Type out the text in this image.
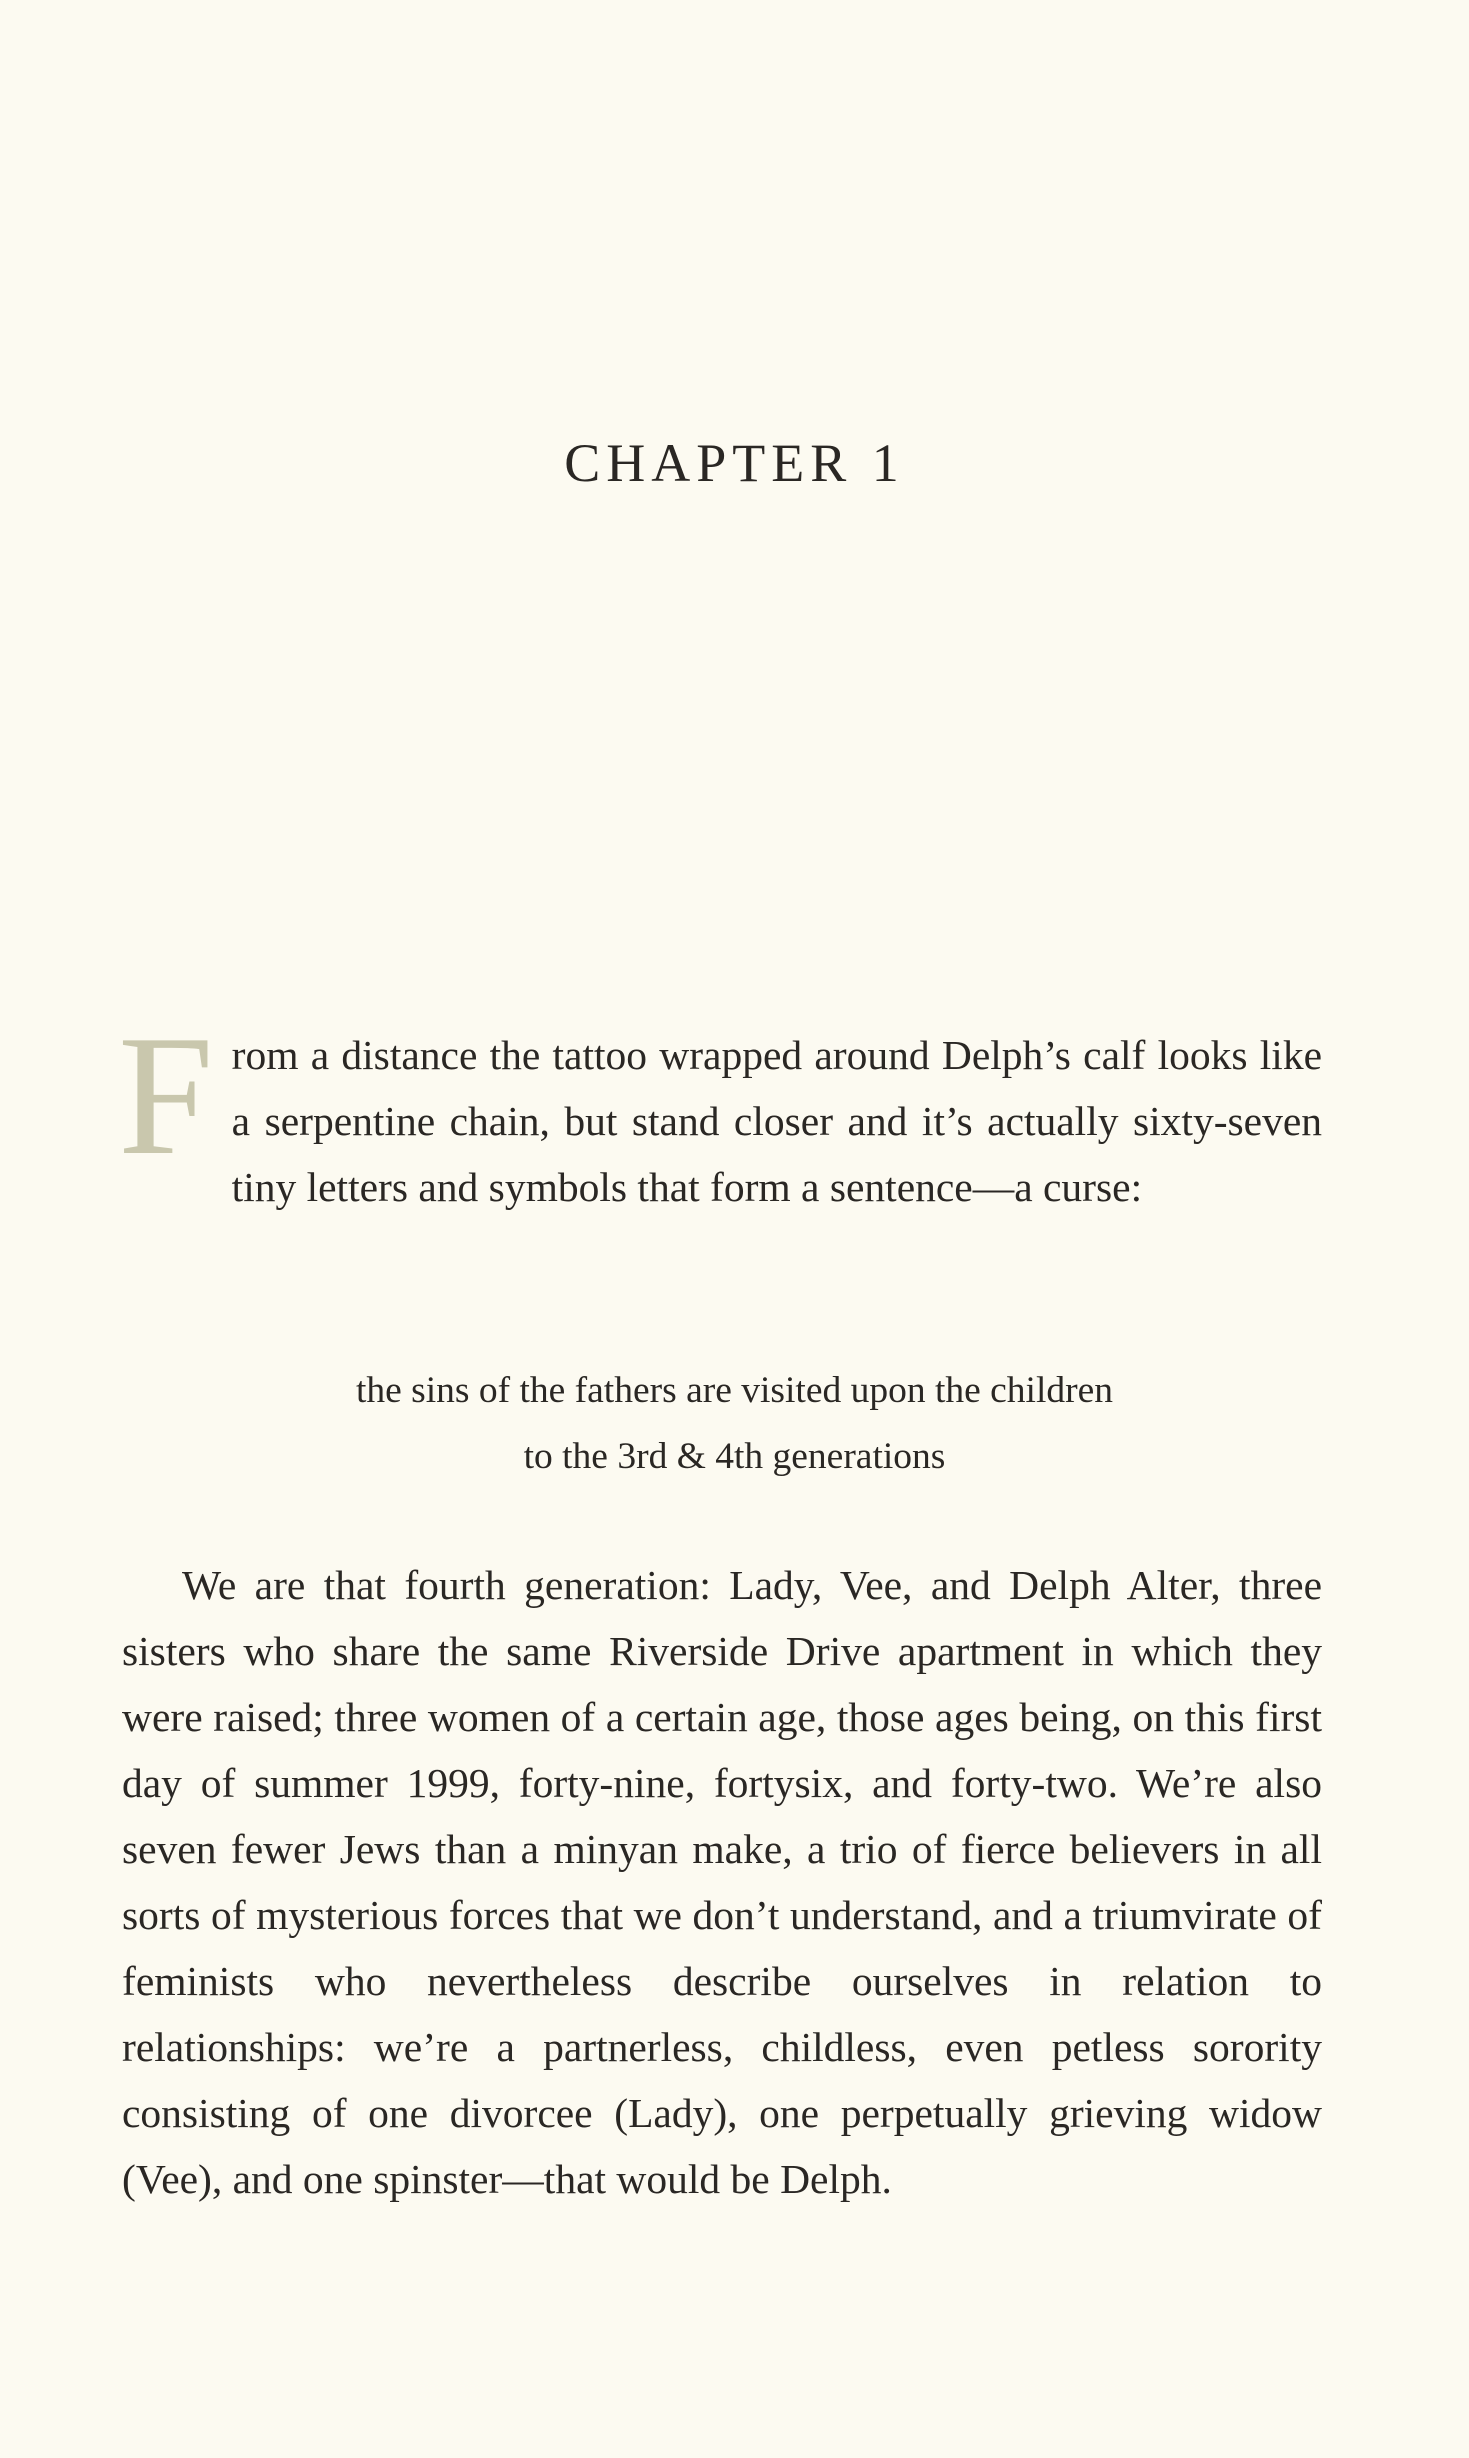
CHAPTER 1

From a distance the tattoo wrapped around Delph’s calf looks like a serpentine chain, but stand closer and it’s actually sixty-seven tiny letters and symbols that form a sentence—a curse:

the sins of the fathers are visited upon the children
to the 3rd & 4th generations

We are that fourth generation: Lady, Vee, and Delph Alter, three sisters who share the same Riverside Drive apartment in which they were raised; three women of a certain age, those ages being, on this first day of summer 1999, forty-nine, fortysix, and forty-two. We’re also seven fewer Jews than a minyan make, a trio of fierce believers in all sorts of mysterious forces that we don’t understand, and a triumvirate of feminists who nevertheless describe ourselves in relation to relationships: we’re a partnerless, childless, even petless sorority consisting of one divorcee (Lady), one perpetually grieving widow (Vee), and one spinster—that would be Delph.
